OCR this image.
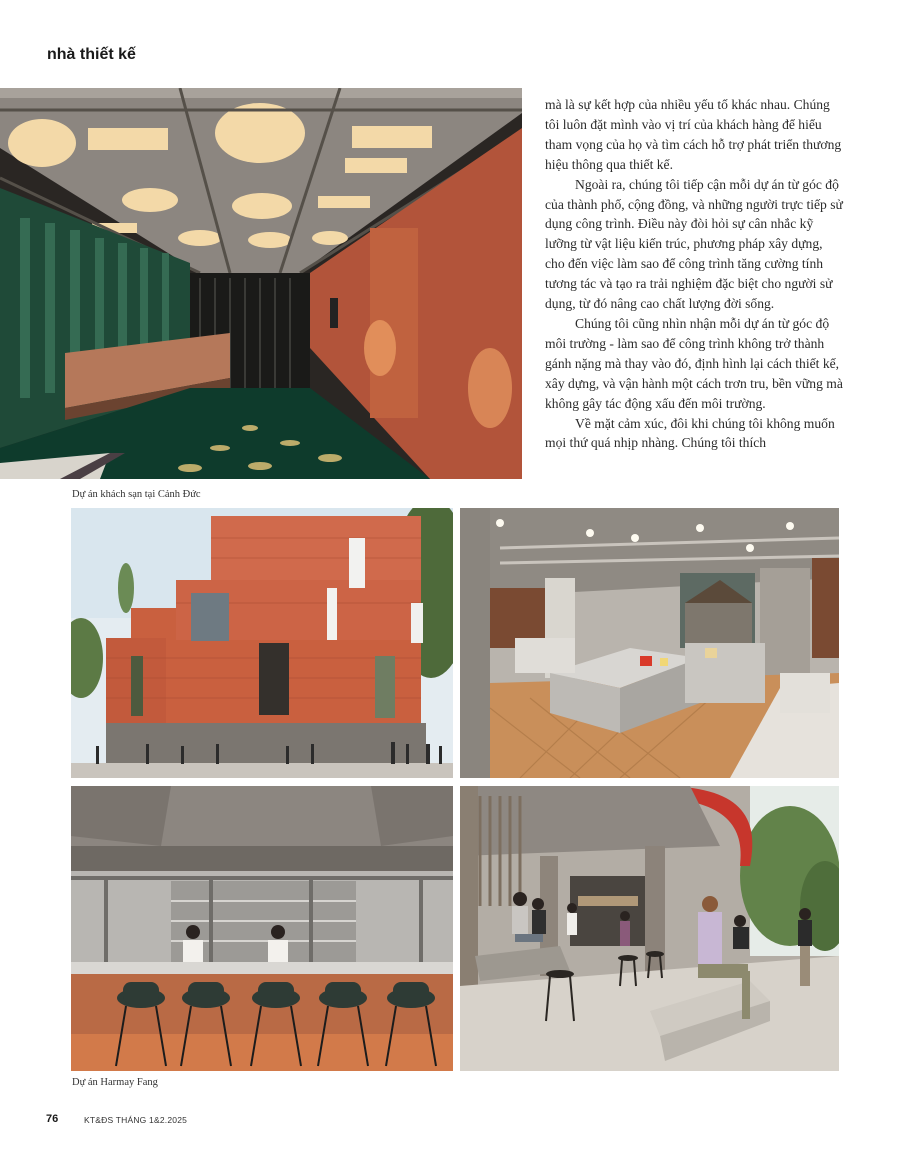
nhà thiết kế
Dự án khách sạn tại Cảnh Đức

mà là sự kết hợp của nhiều yếu tố khác nhau. Chúng tôi luôn đặt mình vào vị trí của khách hàng để hiểu tham vọng của họ và tìm cách hỗ trợ phát triển thương hiệu thông qua thiết kế.

Ngoài ra, chúng tôi tiếp cận mỗi dự án từ góc độ của thành phố, cộng đồng, và những người trực tiếp sử dụng công trình. Điều này đòi hỏi sự cân nhắc kỹ lưỡng từ vật liệu kiến trúc, phương pháp xây dựng, cho đến việc làm sao để công trình tăng cường tính tương tác và tạo ra trải nghiệm đặc biệt cho người sử dụng, từ đó nâng cao chất lượng đời sống.

Chúng tôi cũng nhìn nhận mỗi dự án từ góc độ môi trường - làm sao để công trình không trở thành gánh nặng mà thay vào đó, định hình lại cách thiết kế, xây dựng, và vận hành một cách trơn tru, bền vững mà không gây tác động xấu đến môi trường.

Về mặt cảm xúc, đôi khi chúng tôi không muốn mọi thứ quá nhịp nhàng. Chúng tôi thích

Dự án Harmay Fang
76	KT&ĐS THÁNG 1&2.2025
